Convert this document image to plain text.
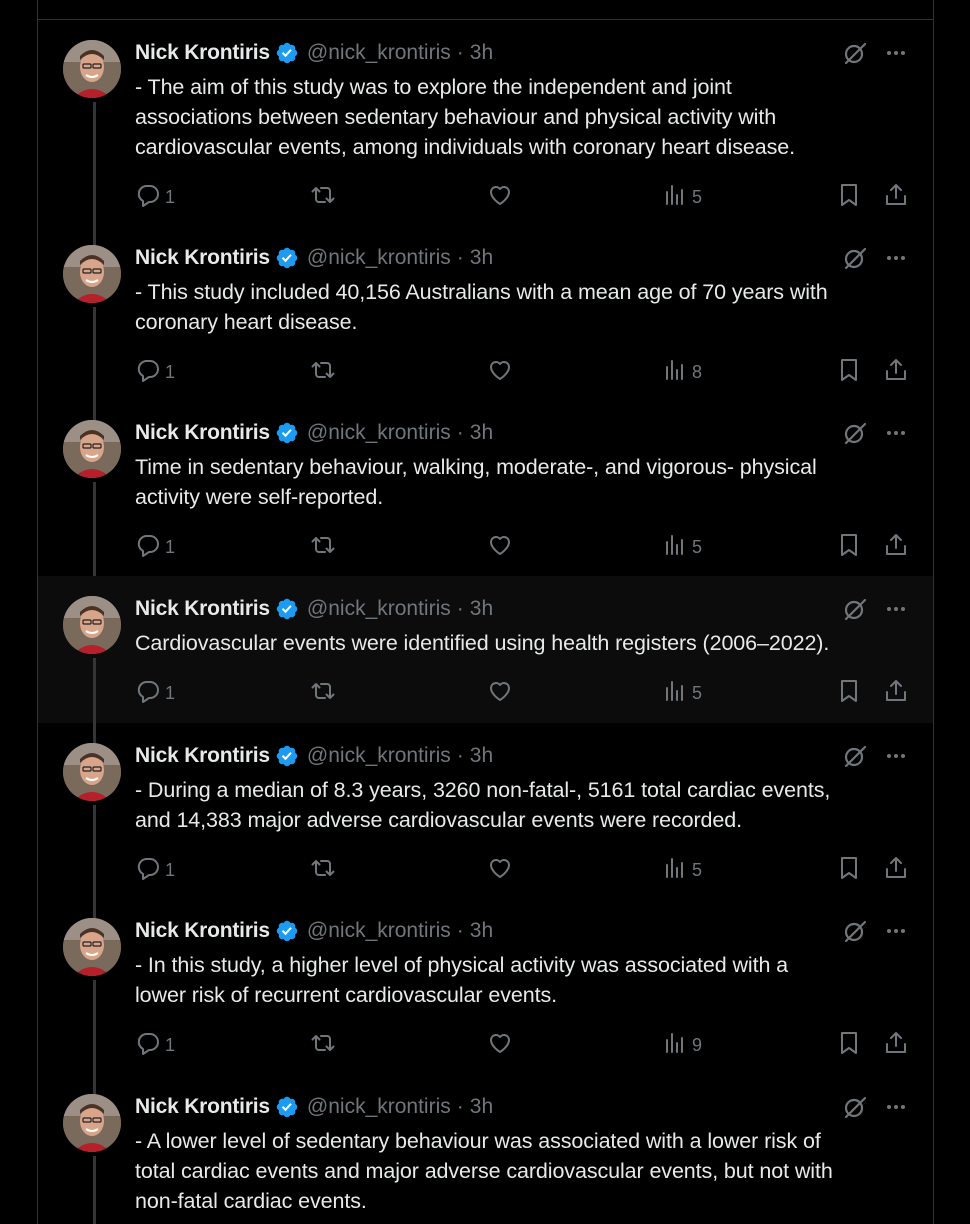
Nick Krontiris @nick_krontiris · 3h
- The aim of this study was to explore the independent and joint
associations between sedentary behaviour and physical activity with
cardiovascular events, among individuals with coronary heart disease.
1	5
Nick Krontiris @nick_krontiris · 3h
- This study included 40,156 Australians with a mean age of 70 years with
coronary heart disease.
1	8
Nick Krontiris @nick_krontiris · 3h
Time in sedentary behaviour, walking, moderate-, and vigorous- physical
activity were self-reported.
1	5
Nick Krontiris @nick_krontiris · 3h
Cardiovascular events were identified using health registers (2006–2022).
1	5
Nick Krontiris @nick_krontiris · 3h
- During a median of 8.3 years, 3260 non-fatal-, 5161 total cardiac events,
and 14,383 major adverse cardiovascular events were recorded.
1	5
Nick Krontiris @nick_krontiris · 3h
- In this study, a higher level of physical activity was associated with a
lower risk of recurrent cardiovascular events.
1	9
Nick Krontiris @nick_krontiris · 3h
- A lower level of sedentary behaviour was associated with a lower risk of
total cardiac events and major adverse cardiovascular events, but not with
non-fatal cardiac events.
